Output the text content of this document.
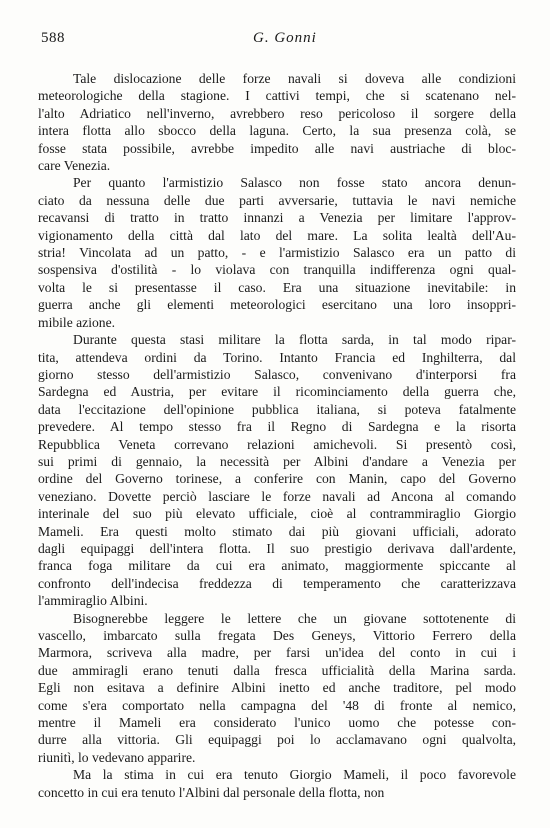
588	G. Gonni

Tale dislocazione delle forze navali si doveva alle condizioni
meteorologiche della stagione. I cattivi tempi, che si scatenano nel-
l'alto Adriatico nell'inverno, avrebbero reso pericoloso il sorgere della
intera flotta allo sbocco della laguna. Certo, la sua presenza colà, se
fosse stata possibile, avrebbe impedito alle navi austriache di bloc-
care Venezia.

Per quanto l'armistizio Salasco non fosse stato ancora denun-
ciato da nessuna delle due parti avversarie, tuttavia le navi nemiche
recavansi di tratto in tratto innanzi a Venezia per limitare l'approv-
vigionamento della città dal lato del mare. La solita lealtà dell'Au-
stria! Vincolata ad un patto, - e l'armistizio Salasco era un patto di
sospensiva d'ostilità - lo violava con tranquilla indifferenza ogni qual-
volta le si presentasse il caso. Era una situazione inevitabile: in
guerra anche gli elementi meteorologici esercitano una loro insoppri-
mibile azione.

Durante questa stasi militare la flotta sarda, in tal modo ripar-
tita, attendeva ordini da Torino. Intanto Francia ed Inghilterra, dal
giorno stesso dell'armistizio Salasco, convenivano d'interporsi fra
Sardegna ed Austria, per evitare il ricominciamento della guerra che,
data l'eccitazione dell'opinione pubblica italiana, si poteva fatalmente
prevedere. Al tempo stesso fra il Regno di Sardegna e la risorta
Repubblica Veneta correvano relazioni amichevoli. Si presentò così,
sui primi di gennaio, la necessità per Albini d'andare a Venezia per
ordine del Governo torinese, a conferire con Manin, capo del Governo
veneziano. Dovette perciò lasciare le forze navali ad Ancona al comando
interinale del suo più elevato ufficiale, cioè al contrammiraglio Giorgio
Mameli. Era questi molto stimato dai più giovani ufficiali, adorato
dagli equipaggi dell'intera flotta. Il suo prestigio derivava dall'ardente,
franca foga militare da cui era animato, maggiormente spiccante al
confronto dell'indecisa freddezza di temperamento che caratterizzava
l'ammiraglio Albini.

Bisognerebbe leggere le lettere che un giovane sottotenente di
vascello, imbarcato sulla fregata Des Geneys, Vittorio Ferrero della
Marmora, scriveva alla madre, per farsi un'idea del conto in cui i
due ammiragli erano tenuti dalla fresca ufficialità della Marina sarda.
Egli non esitava a definire Albini inetto ed anche traditore, pel modo
come s'era comportato nella campagna del '48 di fronte al nemico,
mentre il Mameli era considerato l'unico uomo che potesse con-
durre alla vittoria. Gli equipaggi poi lo acclamavano ogni qualvolta,
riunitì, lo vedevano apparire.

Ma la stima in cui era tenuto Giorgio Mameli, il poco favorevole
concetto in cui era tenuto l'Albini dal personale della flotta, non
